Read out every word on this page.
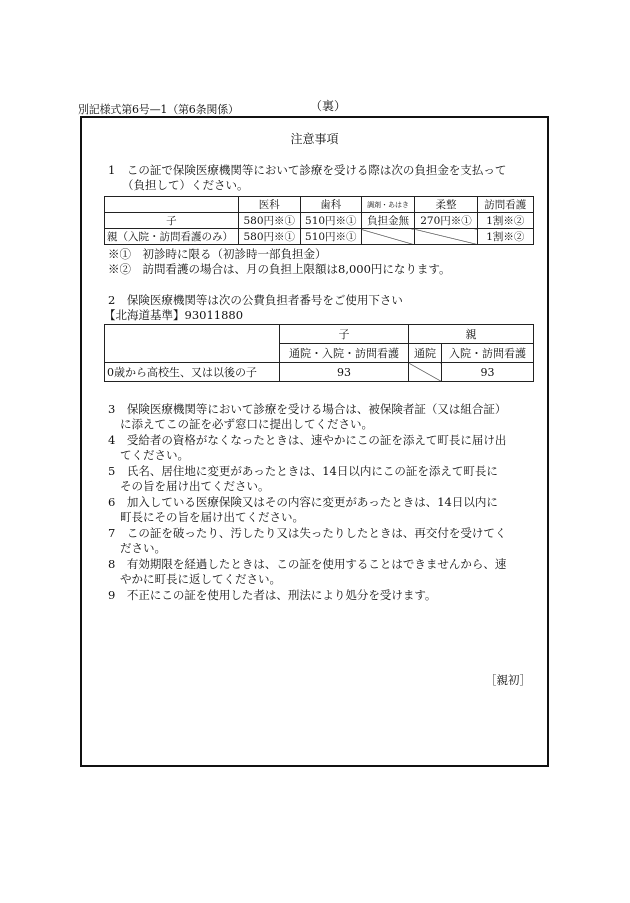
別記様式第6号—1（第6条関係）	（裏）
注意事項
1　この証で保険医療機関等において診療を受ける際は次の負担金を支払って
（負担して）ください。
	医科	歯科	調剤・あはき	柔整	訪問看護
子	580円※①	510円※①	負担金無	270円※①	1割※②
親（入院・訪問看護のみ）	580円※①	510円※①			1割※②
※①　初診時に限る（初診時一部負担金）
※②　訪問看護の場合は、月の負担上限額は8,000円になります。
2　保険医療機関等は次の公費負担者番号をご使用下さい
【北海道基準】93011880
	子	親	
	通院・入院・訪問看護	通院	入院・訪問看護
0歳から高校生、又は以後の子	93		93
3　保険医療機関等において診療を受ける場合は、被保険者証（又は組合証）
に添えてこの証を必ず窓口に提出してください。
4　受給者の資格がなくなったときは、速やかにこの証を添えて町長に届け出
てください。
5　氏名、居住地に変更があったときは、14日以内にこの証を添えて町長に
その旨を届け出てください。
6　加入している医療保険又はその内容に変更があったときは、14日以内に
町長にその旨を届け出てください。
7　この証を破ったり、汚したり又は失ったりしたときは、再交付を受けてく
ださい。
8　有効期限を経過したときは、この証を使用することはできませんから、速
やかに町長に返してください。
9　不正にこの証を使用した者は、刑法により処分を受けます。
［親初］
